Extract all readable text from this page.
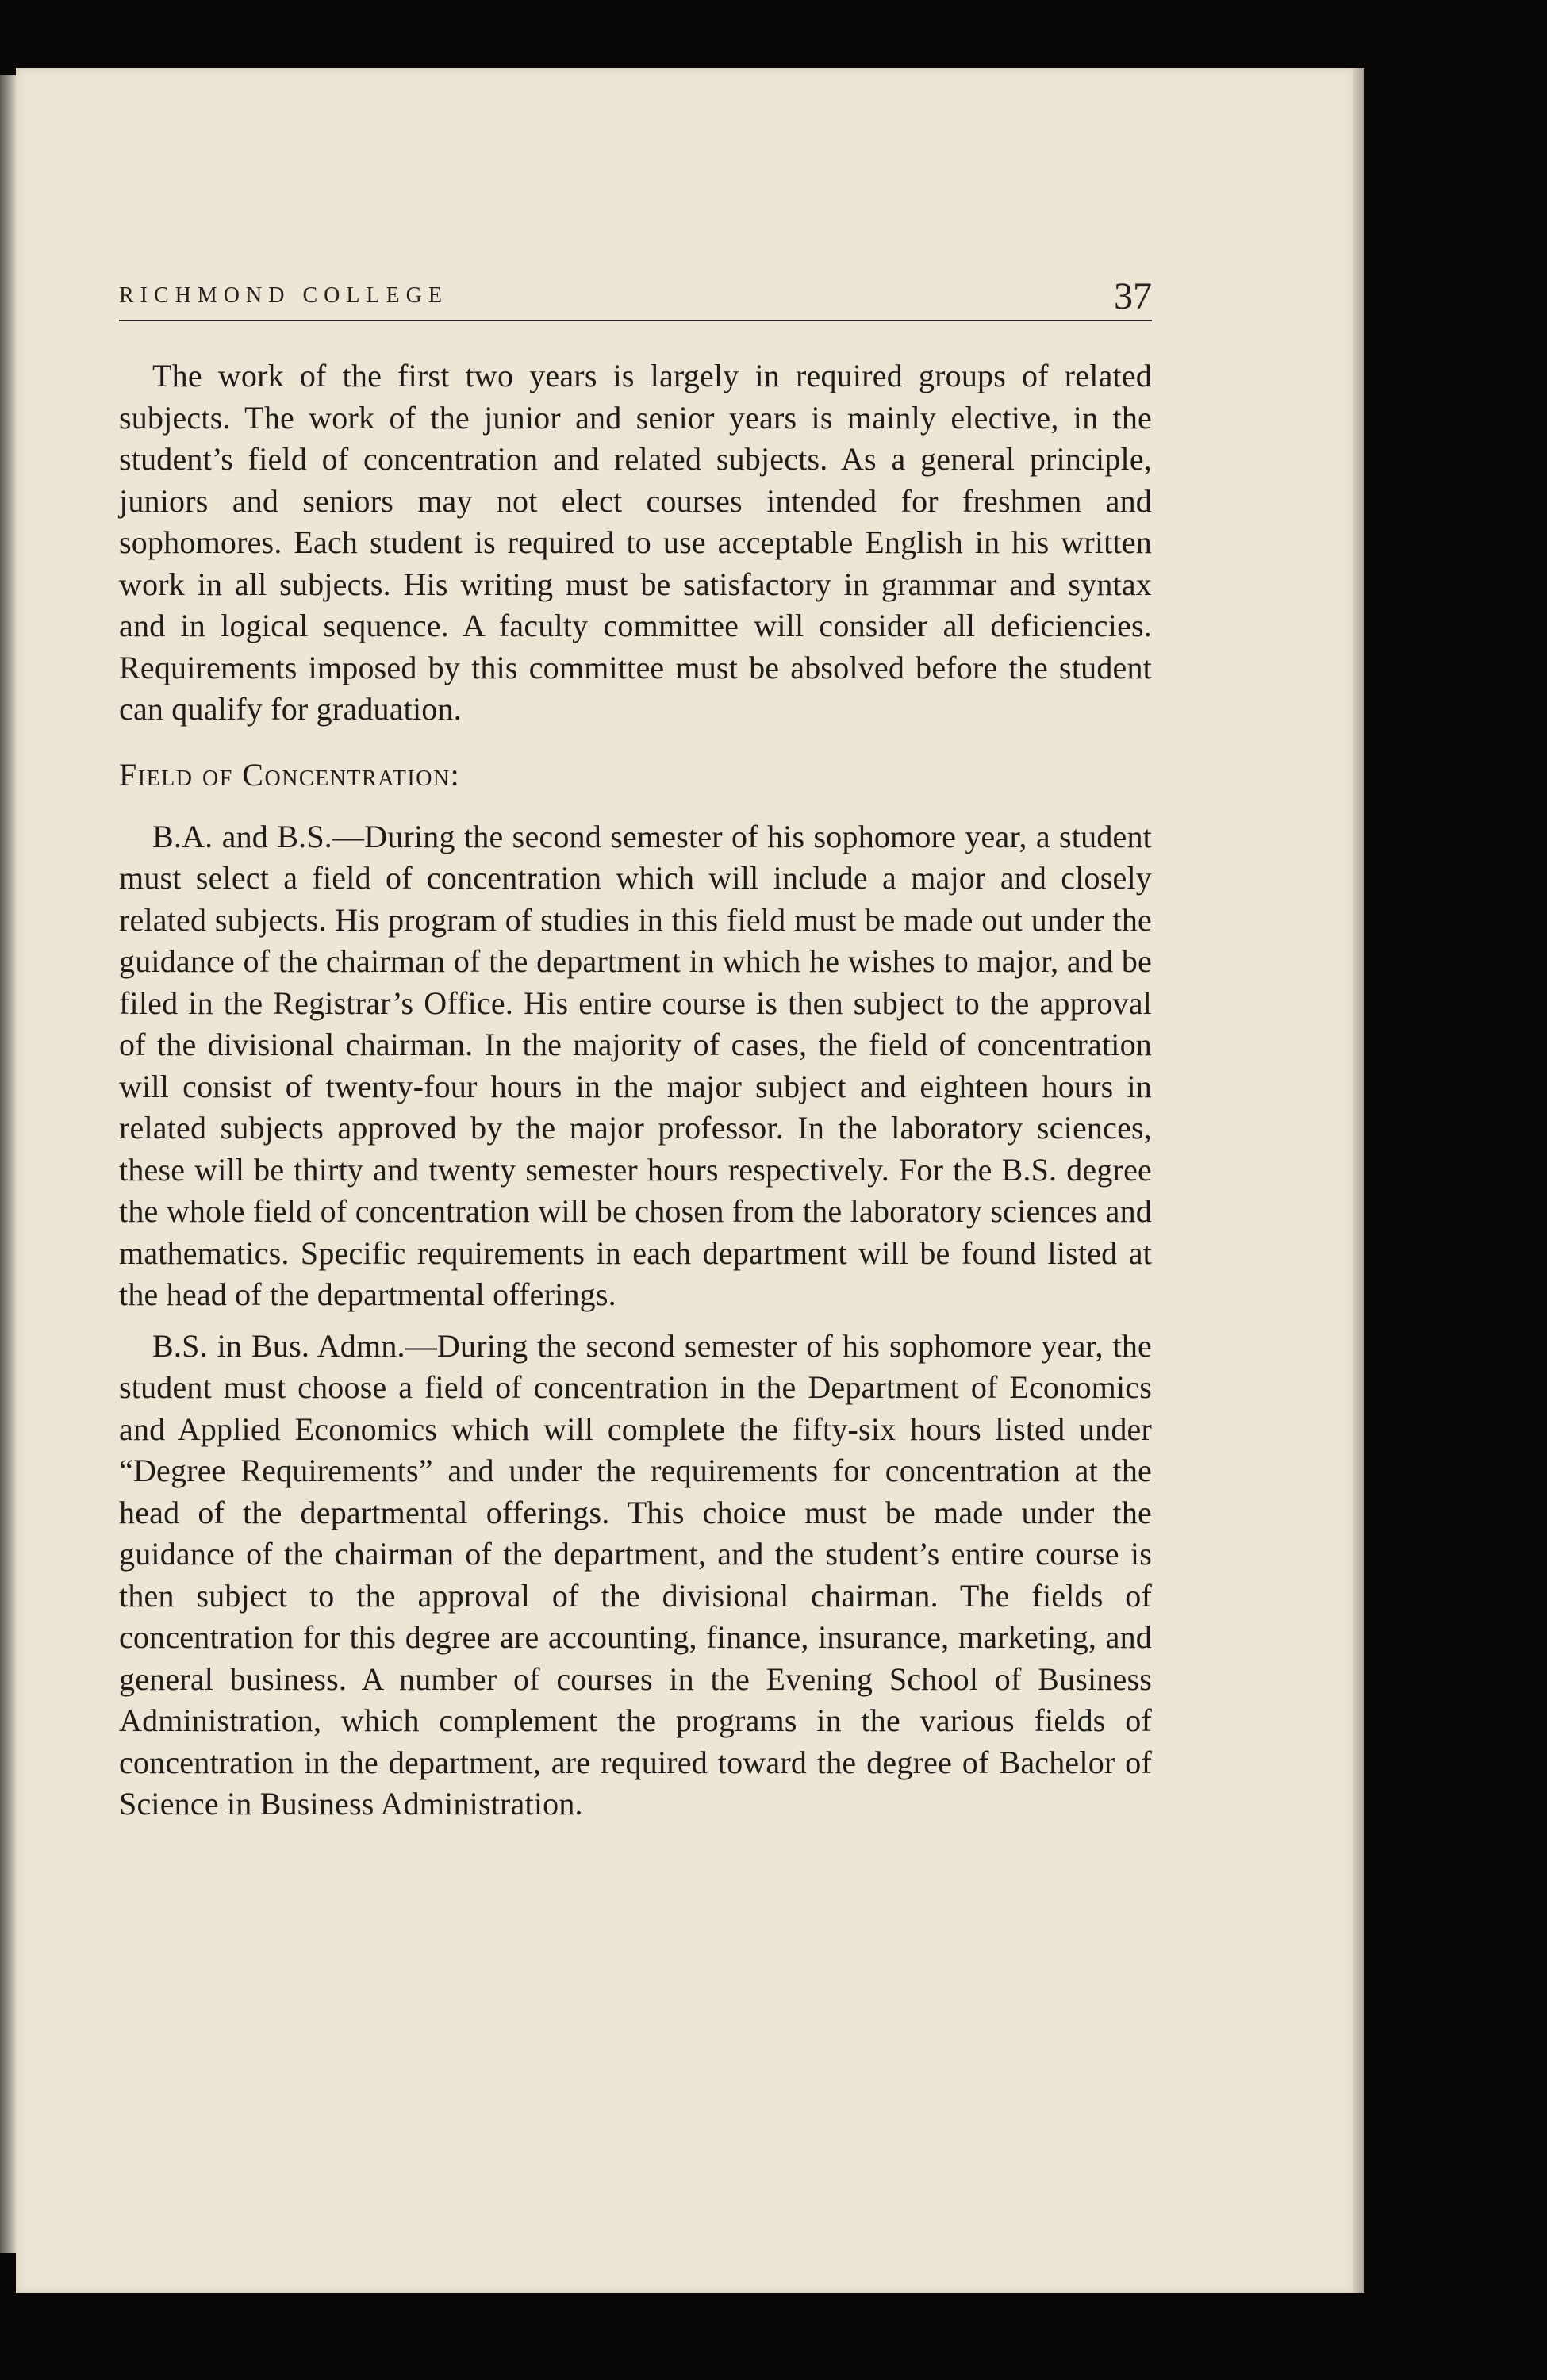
RICHMOND COLLEGE	37

The work of the first two years is largely in required groups of related subjects. The work of the junior and senior years is mainly elective, in the student’s field of concentration and related subjects. As a general principle, juniors and seniors may not elect courses intended for freshmen and sophomores. Each student is required to use acceptable English in his written work in all subjects. His writing must be satisfactory in grammar and syntax and in logical sequence. A faculty committee will consider all deficiencies. Requirements imposed by this committee must be absolved before the student can qualify for graduation.

Field of Concentration:

B.A. and B.S.—During the second semester of his sophomore year, a student must select a field of concentration which will include a major and closely related subjects. His program of studies in this field must be made out under the guidance of the chairman of the department in which he wishes to major, and be filed in the Registrar’s Office. His entire course is then subject to the approval of the divisional chairman. In the majority of cases, the field of concentration will consist of twenty-four hours in the major subject and eighteen hours in related subjects approved by the major professor. In the laboratory sciences, these will be thirty and twenty semester hours respectively. For the B.S. degree the whole field of concentration will be chosen from the laboratory sciences and mathematics. Specific requirements in each department will be found listed at the head of the departmental offerings.

B.S. in Bus. Admn.—During the second semester of his sophomore year, the student must choose a field of concentration in the Department of Economics and Applied Economics which will complete the fifty-six hours listed under “Degree Requirements” and under the requirements for concentration at the head of the departmental offerings. This choice must be made under the guidance of the chairman of the department, and the student’s entire course is then subject to the approval of the divisional chairman. The fields of concentration for this degree are accounting, finance, insurance, marketing, and general business. A number of courses in the Evening School of Business Administration, which complement the programs in the various fields of concentration in the department, are required toward the degree of Bachelor of Science in Business Administration.
